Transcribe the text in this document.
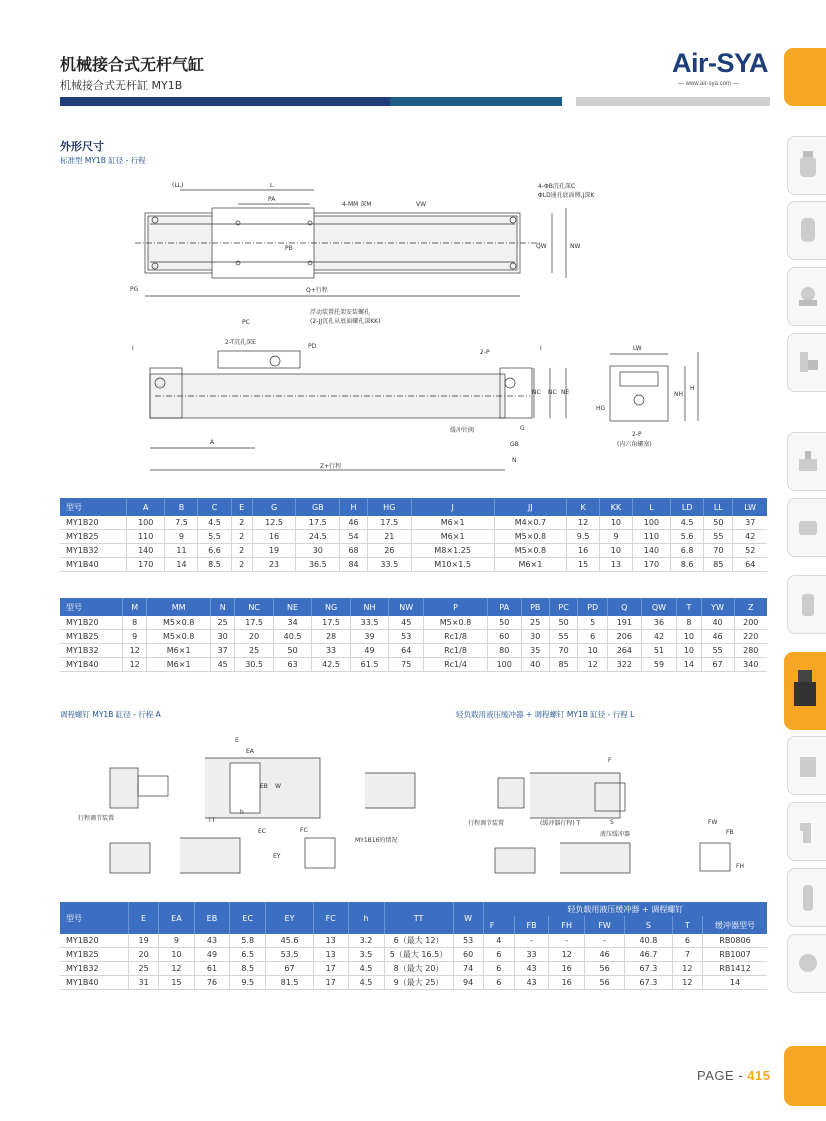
机械接合式无杆气缸
机械接合式无杆缸 MY1B
Air-SYA
— www.air-sya.com —
外形尺寸
标准型 MY1B 缸径 - 行程
(LL)	L
PA
4-MM 深M	VW
4-ΦB沉孔深C
ΦLD通孔底面侧,J深K
QW	NW
PB
PG	Q+行程
浮动装置托架安装螺孔
(2-JJ沉孔从底面螺孔深KK)
PC
2-T沉孔深E
PD
I	I
2-P
NC NC NE
HG
缓冲针阀	G
GB
A
N
Z+行程
LW
NH
H
2-P
(内六角螺塞)
型号	A	B	C	E	G	GB	H	HG	J	JJ	K	KK	L	LD	LL	LW
MY1B20	100	7.5	4.5	2	12.5	17.5	46	17.5	M6×1	M4×0.7	12	10	100	4.5	50	37
MY1B25	110	9	5.5	2	16	24.5	54	21	M6×1	M5×0.8	9.5	9	110	5.6	55	42
MY1B32	140	11	6.6	2	19	30	68	26	M8×1.25	M5×0.8	16	10	140	6.8	70	52
MY1B40	170	14	8.5	2	23	36.5	84	33.5	M10×1.5	M6×1	15	13	170	8.6	85	64
型号	M	MM	N	NC	NE	NG	NH	NW	P	PA	PB	PC	PD	Q	QW	T	YW	Z
MY1B20	8	M5×0.8	25	17.5	34	17.5	33.5	45	M5×0.8	50	25	50	5	191	36	8	40	200
MY1B25	9	M5×0.8	30	20	40.5	28	39	53	Rc1/8	60	30	55	6	206	42	10	46	220
MY1B32	12	M6×1	37	25	50	33	49	64	Rc1/8	80	35	70	10	264	51	10	55	280
MY1B40	12	M6×1	45	30.5	63	42.5	61.5	75	Rc1/4	100	40	85	12	322	59	14	67	340
调程螺钉 MY1B 缸径 - 行程 A	轻负载用液压缓冲器 + 调程螺钉 MY1B 缸径 - 行程 L
行程调节装置
MY1B16的情况
E
EA
W
EB
h
TT
EC
EY
FC
行程调节装置	(缓冲器行程) T
液压缓冲器
S
F
FW
FB
FH
型号	E	EA	EB	EC	EY	FC	h	TT	W	轻负载用液压缓冲器 + 调程螺钉						
										F	FB	FH	FW	S	T	缓冲器型号
MY1B20	19	9	43	5.8	45.6	13	3.2	6（最大 12）	53	4	-	-	-	40.8	6	RB0806
MY1B25	20	10	49	6.5	53.5	13	3.5	5（最大 16.5）	60	6	33	12	46	46.7	7	RB1007
MY1B32	25	12	61	8.5	67	17	4.5	8（最大 20）	74	6	43	16	56	67.3	12	RB1412
MY1B40	31	15	76	9.5	81.5	17	4.5	9（最大 25）	94	6	43	16	56	67.3	12	14
PAGE - 415
